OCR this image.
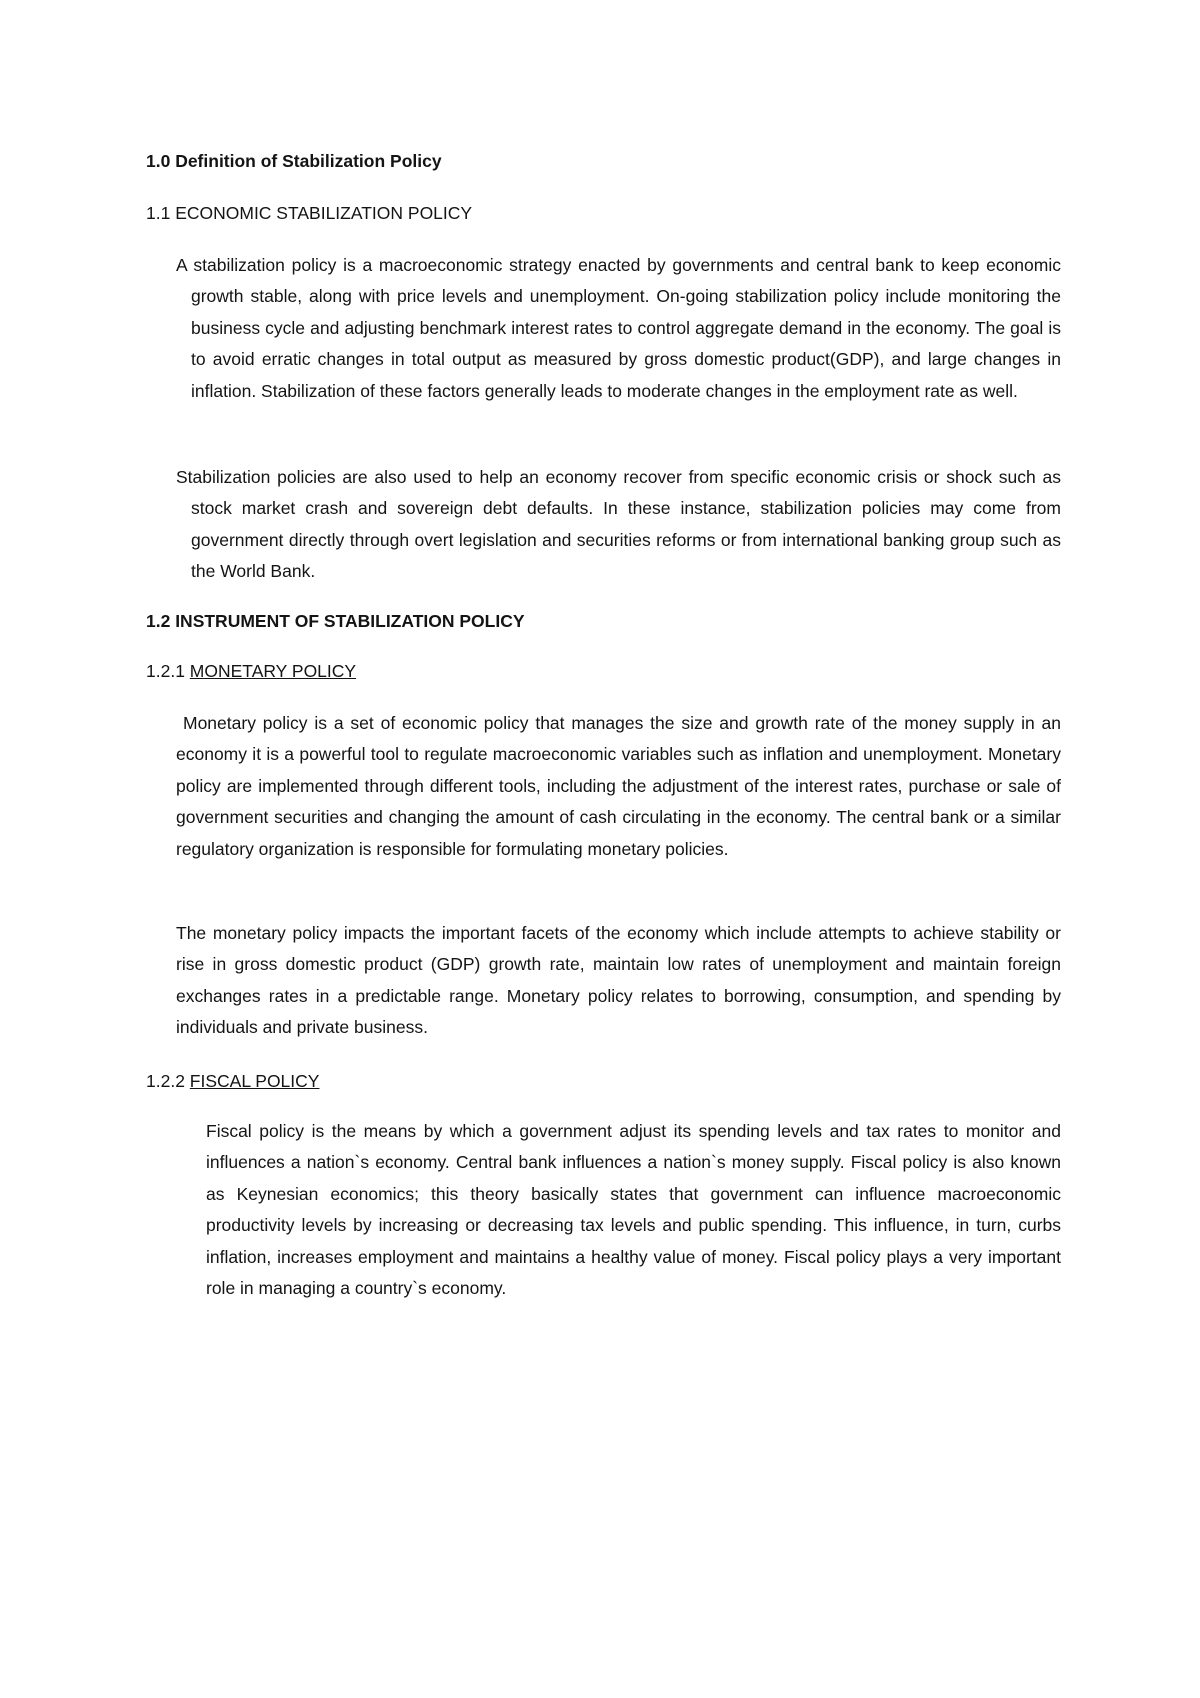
1.0 Definition of Stabilization Policy

1.1 ECONOMIC STABILIZATION POLICY

A stabilization policy is a macroeconomic strategy enacted by governments and central bank to keep economic growth stable, along with price levels and unemployment. On-going stabilization policy include monitoring the business cycle and adjusting benchmark interest rates to control aggregate demand in the economy. The goal is to avoid erratic changes in total output as measured by gross domestic product(GDP), and large changes in inflation. Stabilization of these factors generally leads to moderate changes in the employment rate as well.

Stabilization policies are also used to help an economy recover from specific economic crisis or shock such as stock market crash and sovereign debt defaults. In these instance, stabilization policies may come from government directly through overt legislation and securities reforms or from international banking group such as the World Bank.

1.2 INSTRUMENT OF STABILIZATION POLICY

1.2.1 MONETARY POLICY

Monetary policy is a set of economic policy that manages the size and growth rate of the money supply in an economy it is a powerful tool to regulate macroeconomic variables such as inflation and unemployment. Monetary policy are implemented through different tools, including the adjustment of the interest rates, purchase or sale of government securities and changing the amount of cash circulating in the economy. The central bank or a similar regulatory organization is responsible for formulating monetary policies.

The monetary policy impacts the important facets of the economy which include attempts to achieve stability or rise in gross domestic product (GDP) growth rate, maintain low rates of unemployment and maintain foreign exchanges rates in a predictable range. Monetary policy relates to borrowing, consumption, and spending by individuals and private business.

1.2.2 FISCAL POLICY

Fiscal policy is the means by which a government adjust its spending levels and tax rates to monitor and influences a nation`s economy. Central bank influences a nation`s money supply. Fiscal policy is also known as Keynesian economics; this theory basically states that government can influence macroeconomic productivity levels by increasing or decreasing tax levels and public spending. This influence, in turn, curbs inflation, increases employment and maintains a healthy value of money. Fiscal policy plays a very important role in managing a country`s economy.
